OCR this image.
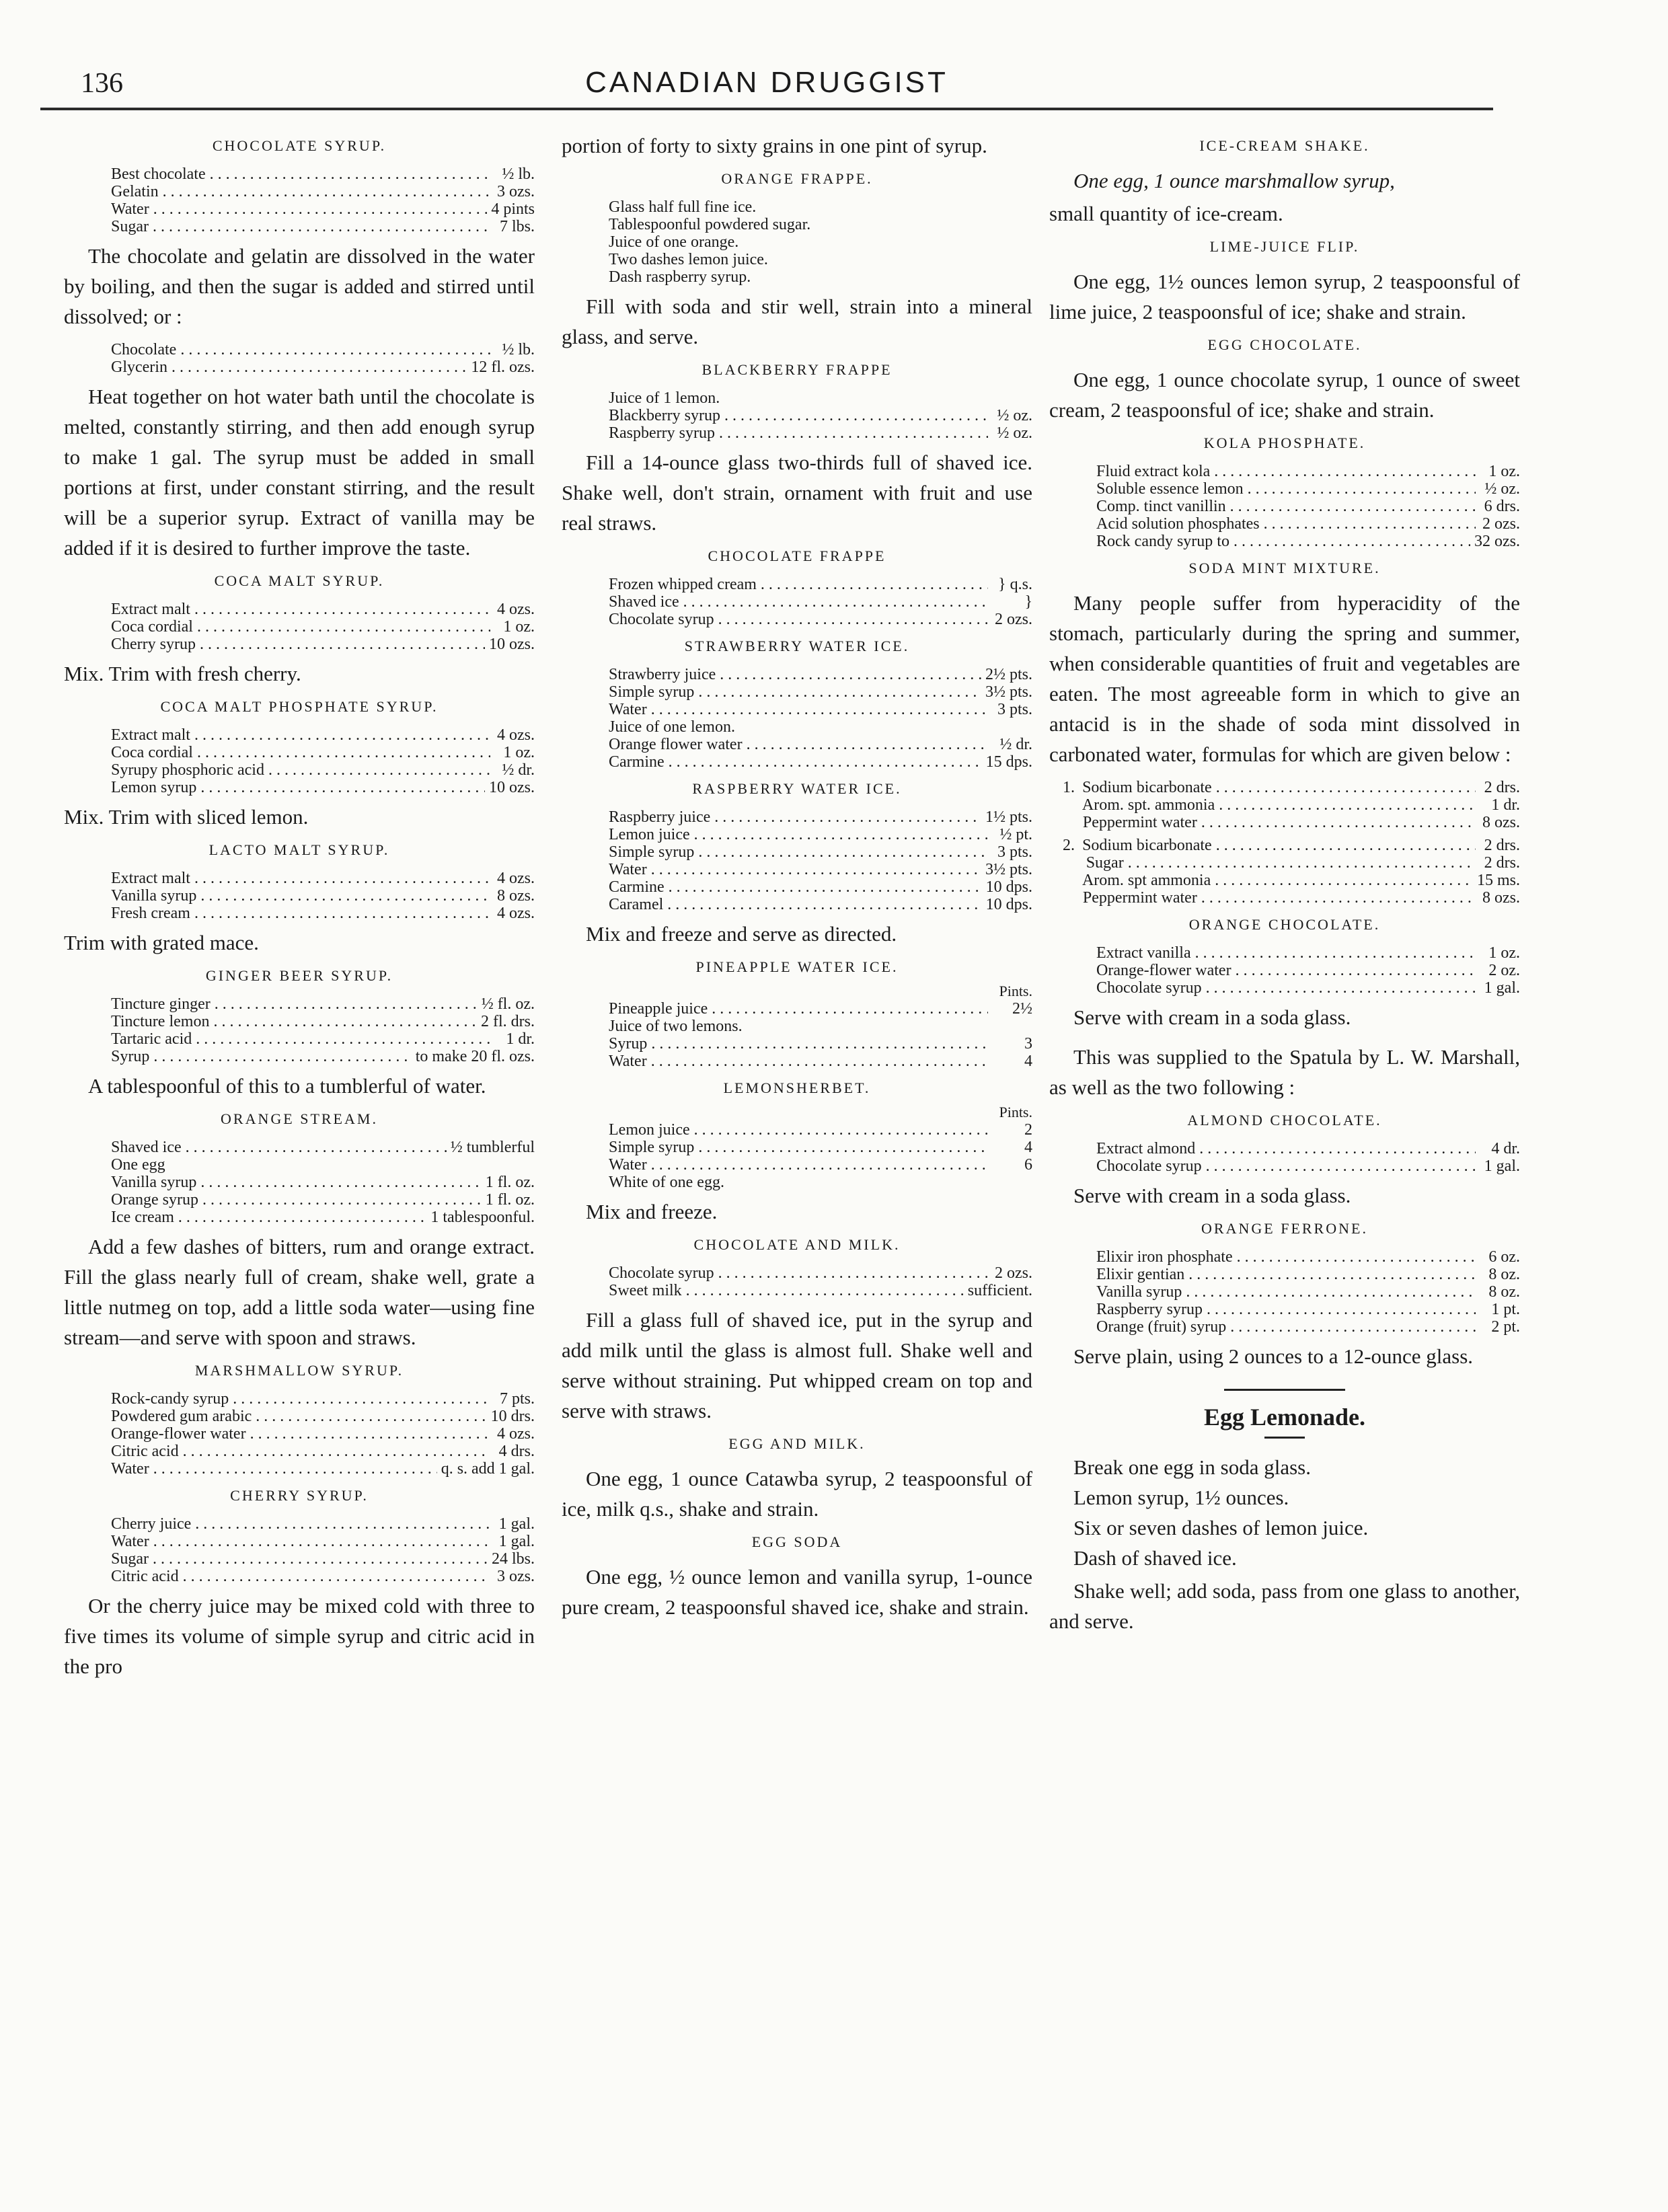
136	CANADIAN DRUGGIST
CHOCOLATE SYRUP.
Best chocolate . . .	½ lb.
Gelatin . . .	3 ozs.
Water . . .	4 pints
Sugar . . .	7 lbs.

The chocolate and gelatin are dissolved in the water by boiling, and then the sugar is added and stirred until dissolved; or :

Chocolate . . .	½ lb.
Glycerin . . .	12 fl. ozs.

Heat together on hot water bath until the chocolate is melted, constantly stirring, and then add enough syrup to make 1 gal. The syrup must be added in small portions at first, under constant stirring, and the result will be a superior syrup. Extract of vanilla may be added if it is desired to further improve the taste.

COCA MALT SYRUP.
Extract malt . . .	4 ozs.
Coca cordial . . .	1 oz.
Cherry syrup . . .	10 ozs.

Mix. Trim with fresh cherry.

COCA MALT PHOSPHATE SYRUP.
Extract malt . . .	4 ozs.
Coca cordial . . .	1 oz.
Syrupy phosphoric acid . . .	½ dr.
Lemon syrup . . .	10 ozs.

Mix. Trim with sliced lemon.

LACTO MALT SYRUP.
Extract malt . . .	4 ozs.
Vanilla syrup . . .	8 ozs.
Fresh cream . . .	4 ozs.

Trim with grated mace.

GINGER BEER SYRUP.
Tincture ginger . . .	½ fl. oz.
Tincture lemon . . .	2 fl. drs.
Tartaric acid . . .	1 dr.
Syrup . . .	to make 20 fl. ozs.

A tablespoonful of this to a tumblerful of water.

ORANGE STREAM.
Shaved ice . . .	½ tumblerful
One egg
Vanilla syrup . . .	1 fl. oz.
Orange syrup . . .	1 fl. oz.
Ice cream . . .	1 tablespoonful.

Add a few dashes of bitters, rum and orange extract. Fill the glass nearly full of cream, shake well, grate a little nutmeg on top, add a little soda water—using fine stream—and serve with spoon and straws.

MARSHMALLOW SYRUP.
Rock-candy syrup . . .	7 pts.
Powdered gum arabic . . .	10 drs.
Orange-flower water . . .	4 ozs.
Citric acid . . .	4 drs.
Water . . .	q. s. add 1 gal.
CHERRY SYRUP.
Cherry juice . . .	1 gal.
Water . . .	1 gal.
Sugar . . .	24 lbs.
Citric acid . . .	3 ozs.

Or the cherry juice may be mixed cold with three to five times its volume of simple syrup and citric acid in the pro

portion of forty to sixty grains in one pint of syrup.

ORANGE FRAPPE.
Glass half full fine ice.
Tablespoonful powdered sugar.
Juice of one orange.
Two dashes lemon juice.
Dash raspberry syrup.

Fill with soda and stir well, strain into a mineral glass, and serve.

BLACKBERRY FRAPPE
Juice of 1 lemon.
Blackberry syrup . . .	½ oz.
Raspberry syrup . . .	½ oz.

Fill a 14-ounce glass two-thirds full of shaved ice. Shake well, don't strain, ornament with fruit and use real straws.

CHOCOLATE FRAPPE
Frozen whipped cream . . .	} q.s.
Shaved ice . . .	}
Chocolate syrup . . .	2 ozs.
STRAWBERRY WATER ICE.
Strawberry juice . . .	2½ pts.
Simple syrup . . .	3½ pts.
Water . . .	3 pts.
Juice of one lemon.
Orange flower water . . .	½ dr.
Carmine . . .	15 dps.
RASPBERRY WATER ICE.
Raspberry juice . . .	1½ pts.
Lemon juice . . .	½ pt.
Simple syrup . . .	3 pts.
Water . . .	3½ pts.
Carmine . . .	10 dps.
Caramel . . .	10 dps.

Mix and freeze and serve as directed.

PINEAPPLE WATER ICE.
Pints.
Pineapple juice . . .	2½
Juice of two lemons.
Syrup . . .	3
Water . . .	4
LEMONSHERBET.
Pints.
Lemon juice . . .	2
Simple syrup . . .	4
Water . . .	6
White of one egg.

Mix and freeze.

CHOCOLATE AND MILK.
Chocolate syrup . . .	2 ozs.
Sweet milk . . .	sufficient.

Fill a glass full of shaved ice, put in the syrup and add milk until the glass is almost full. Shake well and serve without straining. Put whipped cream on top and serve with straws.

EGG AND MILK.

One egg, 1 ounce Catawba syrup, 2 teaspoonsful of ice, milk q.s., shake and strain.

EGG SODA

One egg, ½ ounce lemon and vanilla syrup, 1-ounce pure cream, 2 teaspoonsful shaved ice, shake and strain.

ICE-CREAM SHAKE.

One egg, 1 ounce marshmallow syrup,

small quantity of ice-cream.

LIME-JUICE FLIP.

One egg, 1½ ounces lemon syrup, 2 teaspoonsful of lime juice, 2 teaspoonsful of ice; shake and strain.

EGG CHOCOLATE.

One egg, 1 ounce chocolate syrup, 1 ounce of sweet cream, 2 teaspoonsful of ice; shake and strain.

KOLA PHOSPHATE.
Fluid extract kola . . .	1 oz.
Soluble essence lemon . . .	½ oz.
Comp. tinct vanillin . . .	6 drs.
Acid solution phosphates . . .	2 ozs.
Rock candy syrup to . . .	32 ozs.
SODA MINT MIXTURE.

Many people suffer from hyperacidity of the stomach, particularly during the spring and summer, when considerable quantities of fruit and vegetables are eaten. The most agreeable form in which to give an antacid is in the shade of soda mint dissolved in carbonated water, formulas for which are given below :

1. Sodium bicarbonate . . .	2 drs.
Arom. spt. ammonia . . .	1 dr.
Peppermint water . . .	8 ozs.
2. Sodium bicarbonate . . .	2 drs.
Sugar . . .	2 drs.
Arom. spt ammonia . . .	15 ms.
Peppermint water . . .	8 ozs.
ORANGE CHOCOLATE.
Extract vanilla . . .	1 oz.
Orange-flower water . . .	2 oz.
Chocolate syrup . . .	1 gal.

Serve with cream in a soda glass.

This was supplied to the Spatula by L. W. Marshall, as well as the two following :

ALMOND CHOCOLATE.
Extract almond . . .	4 dr.
Chocolate syrup . . .	1 gal.

Serve with cream in a soda glass.

ORANGE FERRONE.
Elixir iron phosphate . . .	6 oz.
Elixir gentian . . .	8 oz.
Vanilla syrup . . .	8 oz.
Raspberry syrup . . .	1 pt.
Orange (fruit) syrup . . .	2 pt.

Serve plain, using 2 ounces to a 12-ounce glass.

Egg Lemonade.

Break one egg in soda glass.

Lemon syrup, 1½ ounces.

Six or seven dashes of lemon juice.

Dash of shaved ice.

Shake well; add soda, pass from one glass to another, and serve.
